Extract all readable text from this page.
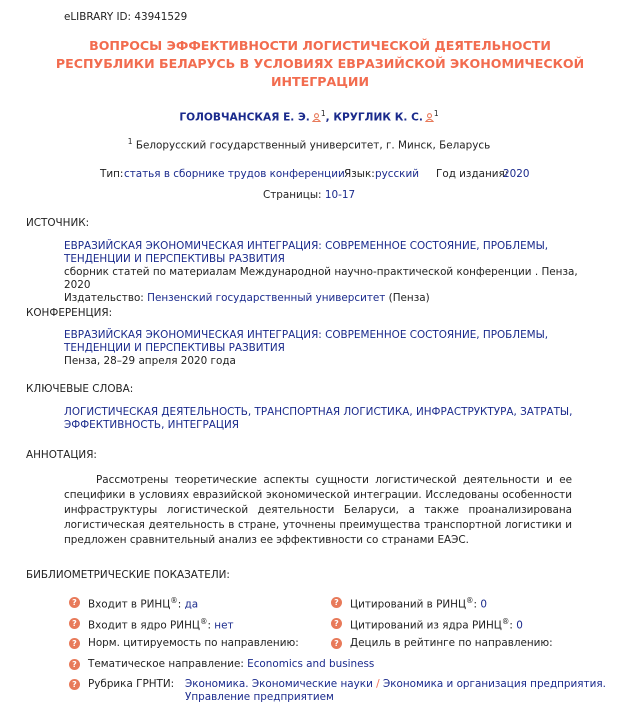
eLIBRARY ID: 43941529
ВОПРОСЫ ЭФФЕКТИВНОСТИ ЛОГИСТИЧЕСКОЙ ДЕЯТЕЛЬНОСТИ
РЕСПУБЛИКИ БЕЛАРУСЬ В УСЛОВИЯХ ЕВРАЗИЙСКОЙ ЭКОНОМИЧЕСКОЙ
ИНТЕГРАЦИИ
ГОЛОВЧАНСКАЯ Е. Э. $^1$, КРУГЛИК К. С. $^1$
$^1$ Белорусский государственный университет, г. Минск, Беларусь
Тип: статья в сборнике трудов конференции Язык: русский Год издания:
2020
Страницы: 10-17
ИСТОЧНИК:
ЕВРАЗИЙСКАЯ ЭКОНОМИЧЕСКАЯ ИНТЕГРАЦИЯ: СОВРЕМЕННОЕ СОСТОЯНИЕ, ПРОБЛЕМЫ,
ТЕНДЕНЦИИ И ПЕРСПЕКТИВЫ РАЗВИТИЯ
сборник статей по материалам Международной научно-практической конференции . Пенза, 2020
Издательство: Пензенский государственный университет (Пенза)
КОНФЕРЕНЦИЯ:
ЕВРАЗИЙСКАЯ ЭКОНОМИЧЕСКАЯ ИНТЕГРАЦИЯ: СОВРЕМЕННОЕ СОСТОЯНИЕ, ПРОБЛЕМЫ,
ТЕНДЕНЦИИ И ПЕРСПЕКТИВЫ РАЗВИТИЯ
Пенза, 28–29 апреля 2020 года
КЛЮЧЕВЫЕ СЛОВА:
ЛОГИСТИЧЕСКАЯ ДЕЯТЕЛЬНОСТЬ, ТРАНСПОРТНАЯ ЛОГИСТИКА, ИНФРАСТРУКТУРА, ЗАТРАТЫ,
ЭФФЕКТИВНОСТЬ, ИНТЕГРАЦИЯ
АННОТАЦИЯ:
Рассмотрены теоретические аспекты сущности логистической деятельности и ее специфики в условиях евразийской экономической интеграции. Исследованы особенности инфраструктуры логистической деятельности Беларуси, а также проанализирована логистическая деятельность в стране, уточнены преимущества транспортной логистики и предложен сравнительный анализ ее эффективности со странами ЕАЭС.
БИБЛИОМЕТРИЧЕСКИЕ ПОКАЗАТЕЛИ:
?	Входит в РИНЦ®: да	?	Цитирований в РИНЦ®: 0
?	Входит в ядро РИНЦ®: нет	?	Цитирований из ядра РИНЦ®: 0
?	Норм. цитируемость по направлению:	?	Дециль в рейтинге по направлению:
?	Тематическое направление: Economics and business
?	Рубрика ГРНТИ: Экономика. Экономические науки / Экономика и организация предприятия.
Управление предприятием
